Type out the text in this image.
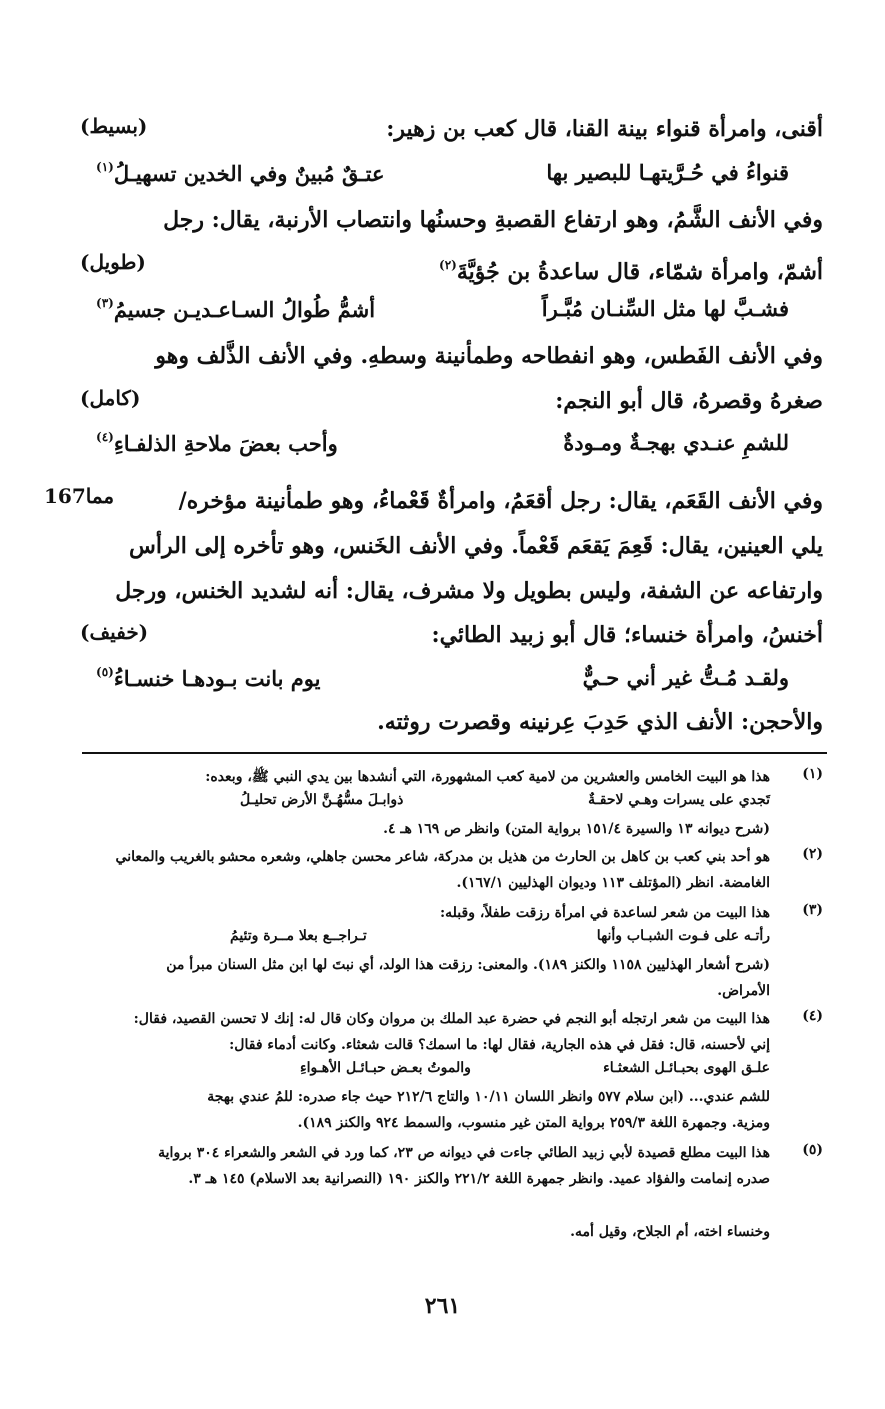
أقنى، وامرأة قنواء بينة القنا، قال كعب بن زهير:
(بسيط)
قنواءُ في حُـرَّيتهـا للبصير بها
عتـقٌ مُبينٌ وفي الخدين تسهيـلُ$^{(١)}$
وفي الأنف الشَّمُ، وهو ارتفاع القصبةِ وحسنُها وانتصاب الأرنبة، يقال: رجل
أشمّ، وامرأة شمّاء، قال ساعدةُ بن جُؤيَّةَ$^{(٢)}$
(طويل)
فشـبَّ لها مثل السِّنـان مُبَّـراً
أشمُّ طُوالُ السـاعـديـن جسيمُ$^{(٣)}$
وفي الأنف الفَطس، وهو انفطاحه وطمأنينة وسطهِ. وفي الأنف الذَّلف وهو
صغرهُ وقصرهُ، قال أبو النجم:
(كامل)
للشمِ عنـدي بهجـةٌ ومـودةٌ
وأحب بعضَ ملاحةِ الذلفـاءِ$^{(٤)}$
167مما	وفي الأنف القَعَم، يقال: رجل أقعَمُ، وامرأةٌ قَعْماءُ، وهو طمأنينة مؤخره/
يلي العينين، يقال: قَعِمَ يَقعَم قَعْماً. وفي الأنف الخَنس، وهو تأخره إلى الرأس
وارتفاعه عن الشفة، وليس بطويل ولا مشرف، يقال: أنه لشديد الخنس، ورجل
أخنسُ، وامرأة خنساء؛ قال أبو زبيد الطائي:
(خفيف)
ولقـد مُـتُّ غير أني حـيٌّ
يوم بانت بـودهـا خنسـاءُ$^{(٥)}$
والأحجن: الأنف الذي حَدِبَ عِرنينه وقصرت روثته.
(١)
هذا هو البيت الخامس والعشرين من لامية كعب المشهورة، التي أنشدها بين يدي النبي ﷺ، وبعده:
تَجدي على يسرات وهـي لاحقـةٌ
ذوابـلَ مسُّهُـنَّ الأرض تحليـلُ
(شرح ديوانه ١٣ والسيرة ١٥١/٤ برواية المتن) وانظر ص ١٦٩ هـ ٤.
(٢)
هو أحد بني كعب بن كاهل بن الحارث من هذيل بن مدركة، شاعر محسن جاهلي، وشعره محشو بالغريب والمعاني
الغامضة. انظر (المؤتلف ١١٣ وديوان الهذليين ١٦٧/١).
(٣)
هذا البيت من شعر لساعدة في امرأة رزقت طفلاً، وقبله:
رأتـه على فـوت الشبـاب وأنها
تـراجــع بعلا مــرة وتئيمُ
(شرح أشعار الهذليين ١١٥٨ والكنز ١٨٩). والمعنى: رزقت هذا الولد، أي نبتَ لها ابن مثل السنان مبرأ من
الأمراض.
(٤)
هذا البيت من شعر ارتجله أبو النجم في حضرة عبد الملك بن مروان وكان قال له: إنك لا تحسن القصيد، فقال:
إني لأحسنه، قال: فقل في هذه الجارية، فقال لها: ما اسمك؟ قالت شعثاء. وكانت أدماء فقال:
علـق الهوى بحبـائـل الشعثـاء
والموتُ بعـض حبـائـل الأهـواءِ
للشم عندي... (ابن سلام ٥٧٧ وانظر اللسان ١٠/١١ والتاج ٢١٢/٦ حيث جاء صدره: للمُ عندي بهجة
ومزية. وجمهرة اللغة ٢٥٩/٣ برواية المتن غير منسوب، والسمط ٩٢٤ والكنز ١٨٩).
(٥)
هذا البيت مطلع قصيدة لأبي زبيد الطائي جاءت في ديوانه ص ٢٣، كما ورد في الشعر والشعراء ٣٠٤ برواية
صدره إنمامت والفؤاد عميد. وانظر جمهرة اللغة ٢٢١/٢ والكنز ١٩٠ (النصرانية بعد الاسلام) ١٤٥ هـ ٣.
وخنساء اخته، أم الجلاح، وقيل أمه.
٢٦١
